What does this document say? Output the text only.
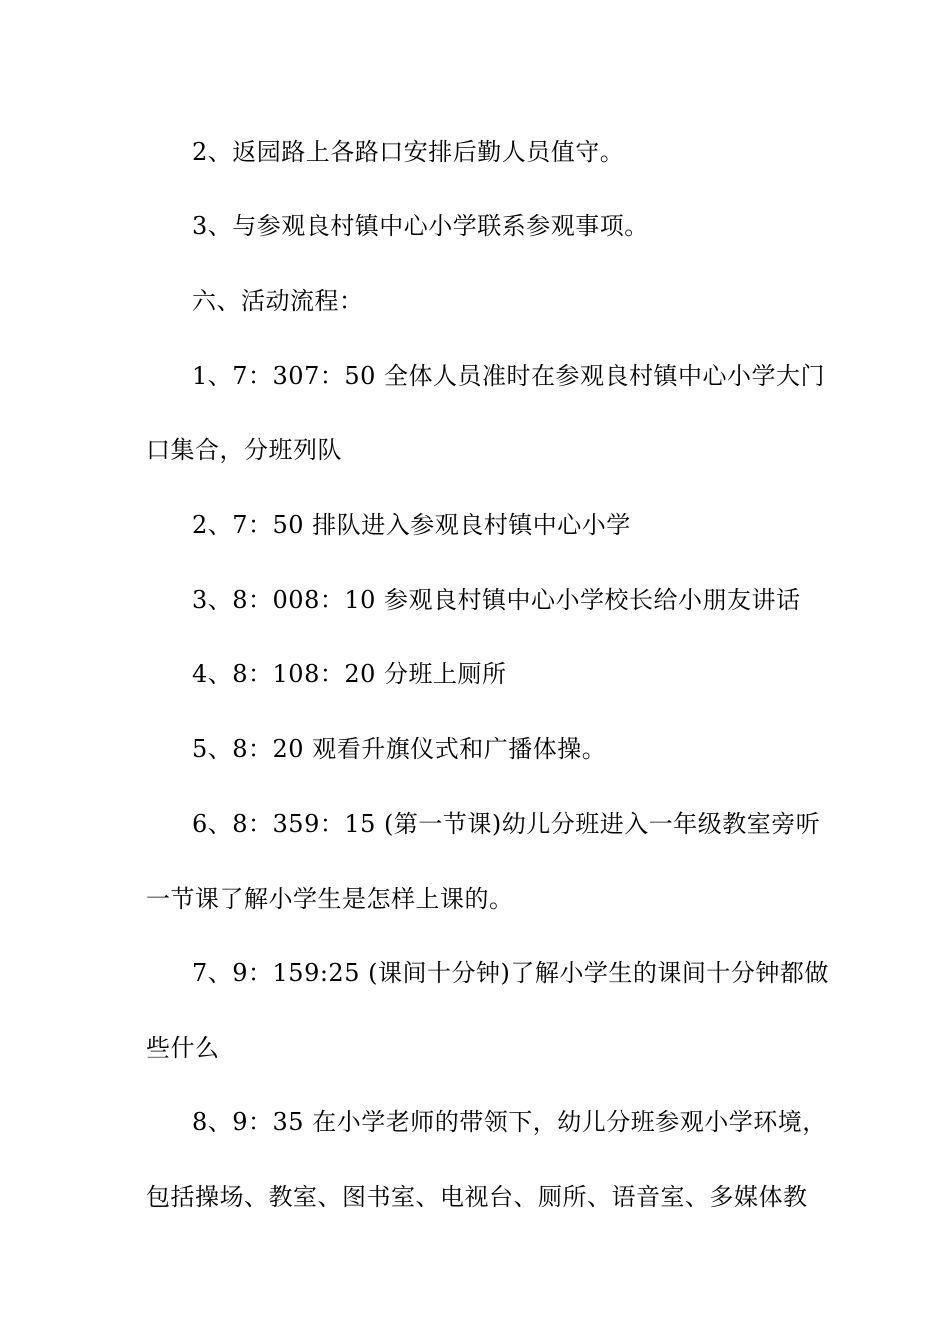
2、返园路上各路口安排后勤人员值守。
3、与参观良村镇中心小学联系参观事项。
六、活动流程：
1、7：307：50 全体人员准时在参观良村镇中心小学大门
口集合，分班列队
2、7：50 排队进入参观良村镇中心小学
3、8：008：10 参观良村镇中心小学校长给小朋友讲话
4、8：108：20 分班上厕所
5、8：20 观看升旗仪式和广播体操。
6、8：359：15 (第一节课)幼儿分班进入一年级教室旁听
一节课了解小学生是怎样上课的。
7、9：159:25 (课间十分钟)了解小学生的课间十分钟都做
些什么
8、9：35 在小学老师的带领下，幼儿分班参观小学环境，
包括操场、教室、图书室、电视台、厕所、语音室、多媒体教
